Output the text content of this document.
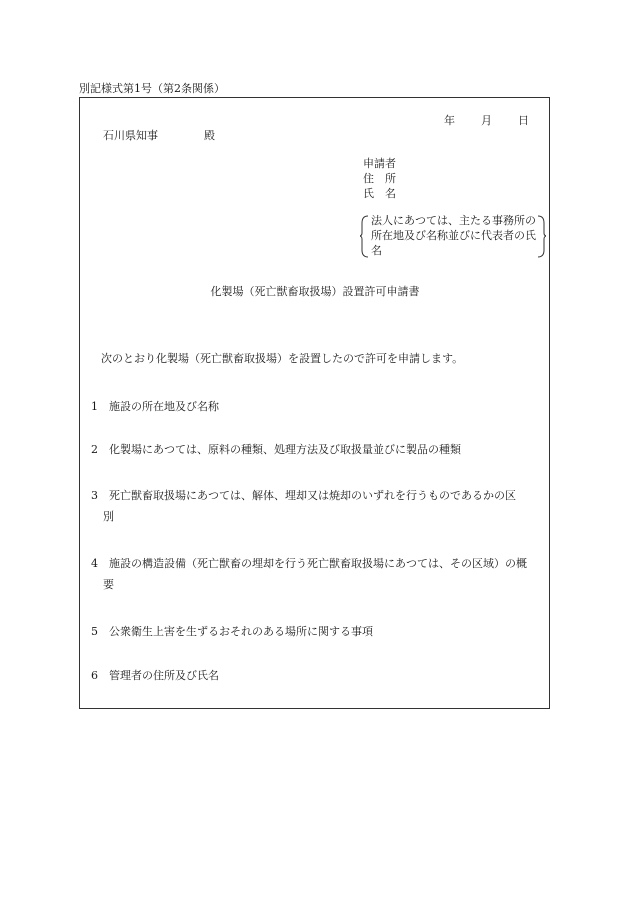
別記様式第1号（第2条関係）
年 月 日
石川県知事	殿
申請者
住　所
氏　名
法人にあつては、主たる事務所の所在地及び名称並びに代表者の氏名
化製場（死亡獣畜取扱場）設置許可申請書
次のとおり化製場（死亡獣畜取扱場）を設置したので許可を申請します。
1 施設の所在地及び名称
2 化製場にあつては、原料の種類、処理方法及び取扱量並びに製品の種類
3 死亡獣畜取扱場にあつては、解体、埋却又は焼却のいずれを行うものであるかの区
別
4 施設の構造設備（死亡獣畜の埋却を行う死亡獣畜取扱場にあつては、その区域）の概
要
5 公衆衛生上害を生ずるおそれのある場所に関する事項
6 管理者の住所及び氏名
